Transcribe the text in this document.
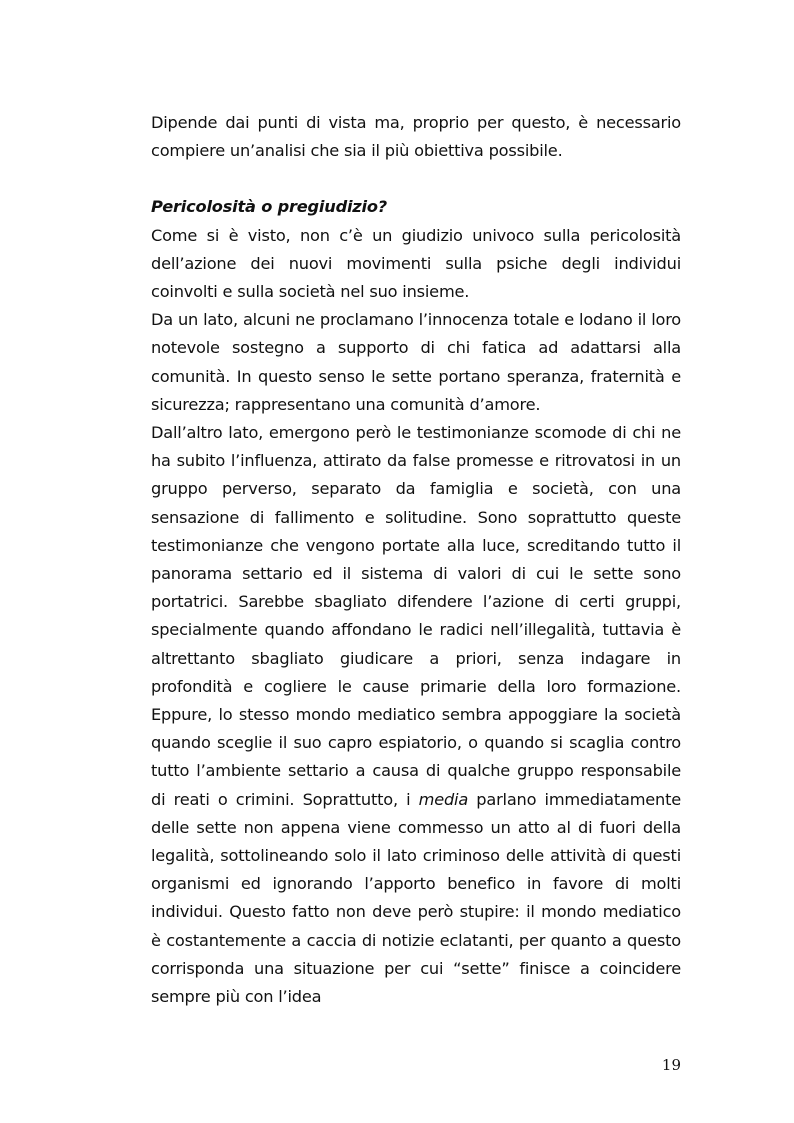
Dipende dai punti di vista ma, proprio per questo, è necessario compiere un’analisi che sia il più obiettiva possibile.

Pericolosità o pregiudizio?

Come si è visto, non c’è un giudizio univoco sulla pericolosità dell’azione dei nuovi movimenti sulla psiche degli individui coinvolti e sulla società nel suo insieme.

Da un lato, alcuni ne proclamano l’innocenza totale e lodano il loro notevole sostegno a supporto di chi fatica ad adattarsi alla comunità. In questo senso le sette portano speranza, fraternità e sicurezza; rappresentano una comunità d’amore.

Dall’altro lato, emergono però le testimonianze scomode di chi ne ha subito l’influenza, attirato da false promesse e ritrovatosi in un gruppo perverso, separato da famiglia e società, con una sensazione di fallimento e solitudine. Sono soprattutto queste testimonianze che vengono portate alla luce, screditando tutto il panorama settario ed il sistema di valori di cui le sette sono portatrici. Sarebbe sbagliato difendere l’azione di certi gruppi, specialmente quando affondano le radici nell’illegalità, tuttavia è altrettanto sbagliato giudicare a priori, senza indagare in profondità e cogliere le cause primarie della loro formazione. Eppure, lo stesso mondo mediatico sembra appoggiare la società quando sceglie il suo capro espiatorio, o quando si scaglia contro tutto l’ambiente settario a causa di qualche gruppo responsabile di reati o crimini. Soprattutto, i media parlano immediatamente delle sette non appena viene commesso un atto al di fuori della legalità, sottolineando solo il lato criminoso delle attività di questi organismi ed ignorando l’apporto benefico in favore di molti individui. Questo fatto non deve però stupire: il mondo mediatico è costantemente a caccia di notizie eclatanti, per quanto a questo corrisponda una situazione per cui “sette” finisce a coincidere sempre più con l’idea

19
